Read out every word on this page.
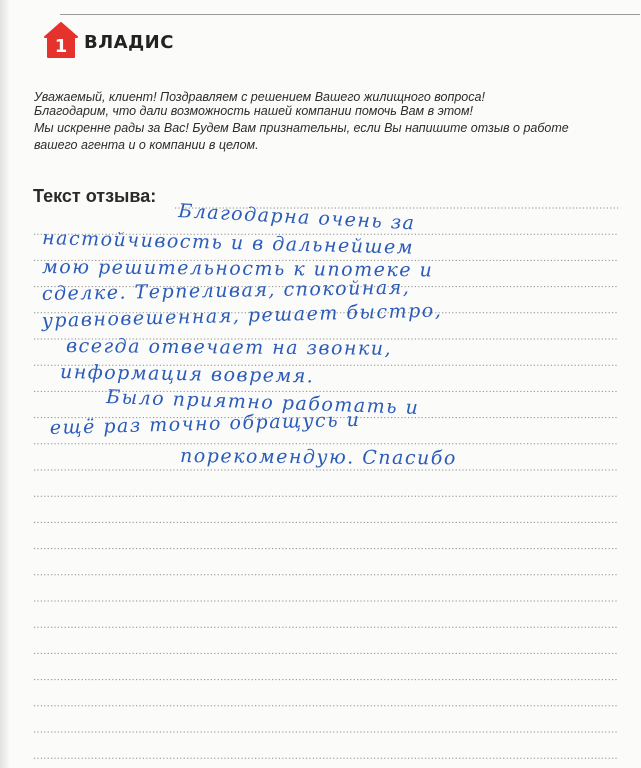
1 ВЛАДИС
Уважаемый, клиент! Поздравляем с решением Вашего жилищного вопроса!
Благодарим, что дали возможность нашей компании помочь Вам в этом!
Мы искренне рады за Вас! Будем Вам признательны, если Вы напишите отзыв о работе
вашего агента и о компании в целом.
Текст отзыва:
Благодарна очень за
настойчивость и в дальнейшем
мою решительность к ипотеке и
сделке. Терпеливая, спокойная,
уравновешенная, решает быстро,
всегда отвечает на звонки,
информация вовремя.
Было приятно работать и
ещё раз точно обращусь и
порекомендую. Спасибо
